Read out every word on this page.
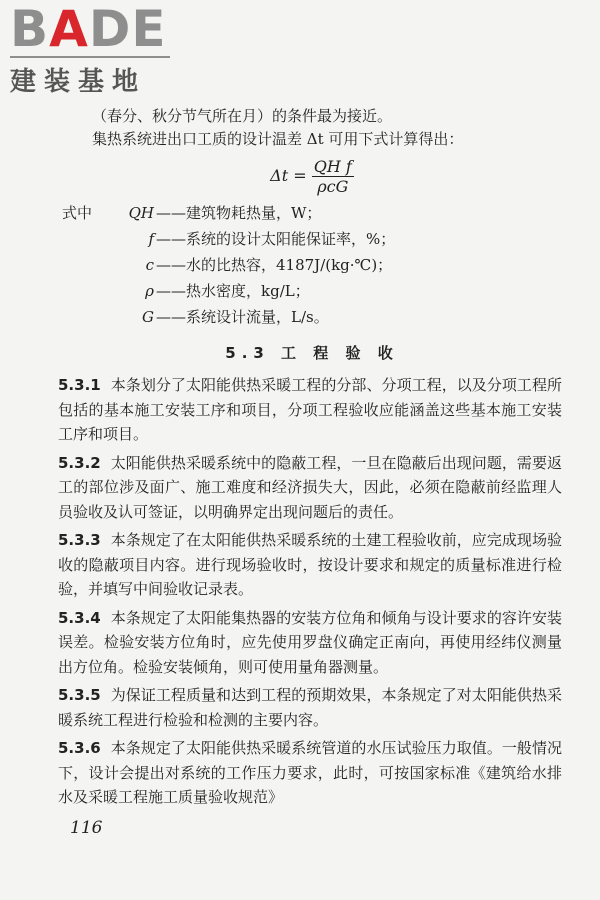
BADE
建装基地

（春分、秋分节气所在月）的条件最为接近。

集热系统进出口工质的设计温差 Δt 可用下式计算得出：

$\Delta t = \frac{\text{QH f}}{\text{ρcG}}$
式中	QH ——建筑物耗热量，W；
f ——系统的设计太阳能保证率，%；
c ——水的比热容，4187J/(kg·℃)；
ρ ——热水密度，kg/L；
G ——系统设计流量，L/s。
5.3 工 程 验 收

5.3.1 本条划分了太阳能供热采暖工程的分部、分项工程，以及分项工程所包括的基本施工安装工序和项目，分项工程验收应能涵盖这些基本施工安装工序和项目。

5.3.2 太阳能供热采暖系统中的隐蔽工程，一旦在隐蔽后出现问题，需要返工的部位涉及面广、施工难度和经济损失大，因此，必须在隐蔽前经监理人员验收及认可签证，以明确界定出现问题后的责任。

5.3.3 本条规定了在太阳能供热采暖系统的土建工程验收前，应完成现场验收的隐蔽项目内容。进行现场验收时，按设计要求和规定的质量标准进行检验，并填写中间验收记录表。

5.3.4 本条规定了太阳能集热器的安装方位角和倾角与设计要求的容许安装误差。检验安装方位角时，应先使用罗盘仪确定正南向，再使用经纬仪测量出方位角。检验安装倾角，则可使用量角器测量。

5.3.5 为保证工程质量和达到工程的预期效果，本条规定了对太阳能供热采暖系统工程进行检验和检测的主要内容。

5.3.6 本条规定了太阳能供热采暖系统管道的水压试验压力取值。一般情况下，设计会提出对系统的工作压力要求，此时，可按国家标准《建筑给水排水及采暖工程施工质量验收规范》

116
